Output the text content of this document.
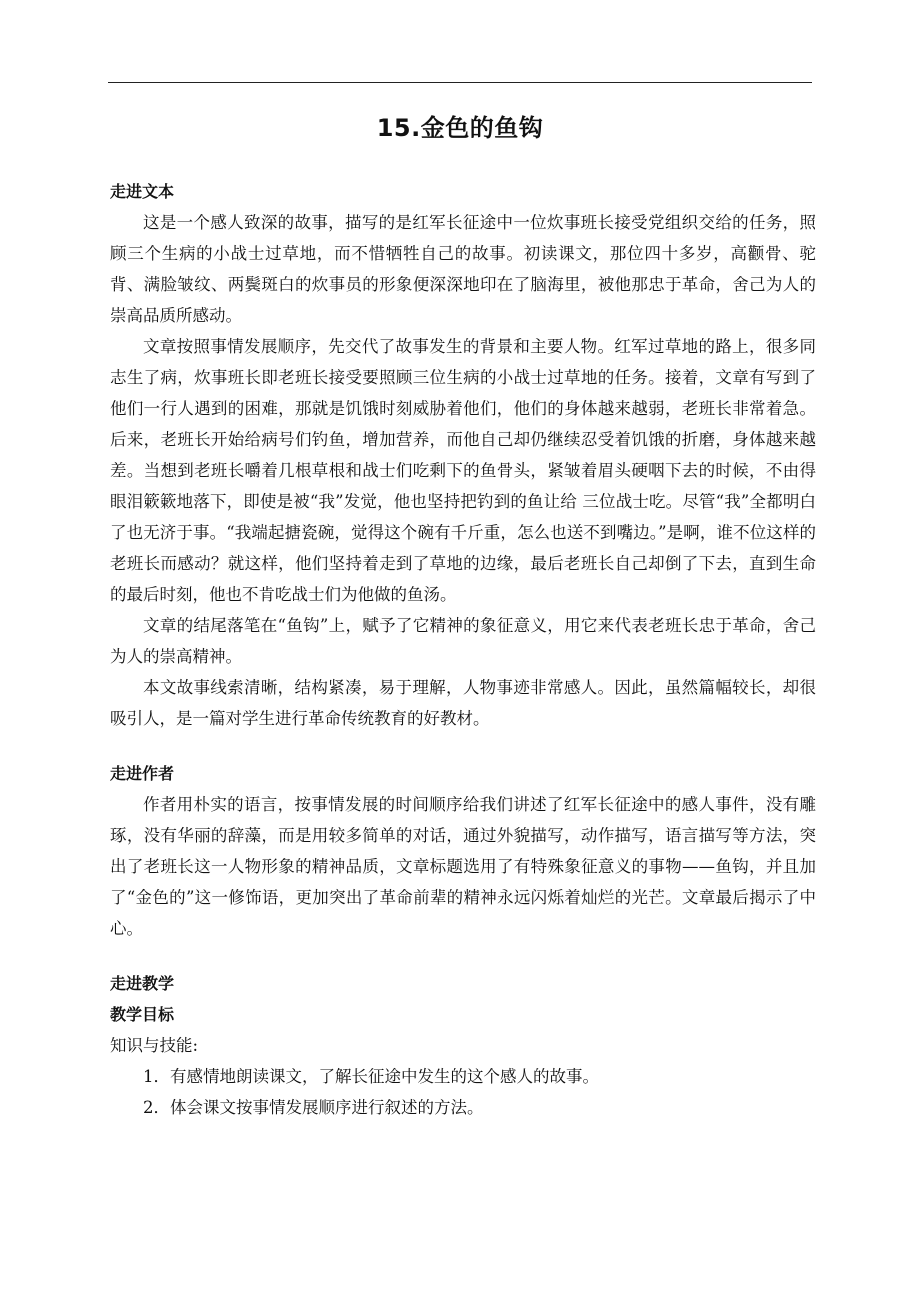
15.金色的鱼钩

走进文本

这是一个感人致深的故事，描写的是红军长征途中一位炊事班长接受党组织交给的任务，照顾三个生病的小战士过草地，而不惜牺牲自己的故事。初读课文，那位四十多岁，高颧骨、驼背、满脸皱纹、两鬓斑白的炊事员的形象便深深地印在了脑海里，被他那忠于革命，舍己为人的崇高品质所感动。

文章按照事情发展顺序，先交代了故事发生的背景和主要人物。红军过草地的路上，很多同志生了病，炊事班长即老班长接受要照顾三位生病的小战士过草地的任务。接着，文章有写到了他们一行人遇到的困难，那就是饥饿时刻威胁着他们，他们的身体越来越弱，老班长非常着急。后来，老班长开始给病号们钓鱼，增加营养，而他自己却仍继续忍受着饥饿的折磨，身体越来越差。当想到老班长嚼着几根草根和战士们吃剩下的鱼骨头，紧皱着眉头硬咽下去的时候，不由得眼泪簌簌地落下，即使是被“我”发觉，他也坚持把钓到的鱼让给 三位战士吃。尽管“我”全都明白了也无济于事。“我端起搪瓷碗，觉得这个碗有千斤重，怎么也送不到嘴边。”是啊，谁不位这样的老班长而感动？就这样，他们坚持着走到了草地的边缘，最后老班长自己却倒了下去，直到生命的最后时刻，他也不肯吃战士们为他做的鱼汤。

文章的结尾落笔在“鱼钩”上，赋予了它精神的象征意义，用它来代表老班长忠于革命，舍己为人的崇高精神。

本文故事线索清晰，结构紧凑，易于理解，人物事迹非常感人。因此，虽然篇幅较长，却很吸引人，是一篇对学生进行革命传统教育的好教材。

走进作者

作者用朴实的语言，按事情发展的时间顺序给我们讲述了红军长征途中的感人事件，没有雕琢，没有华丽的辞藻，而是用较多简单的对话，通过外貌描写，动作描写，语言描写等方法，突出了老班长这一人物形象的精神品质，文章标题选用了有特殊象征意义的事物——鱼钩，并且加了“金色的”这一修饰语，更加突出了革命前辈的精神永远闪烁着灿烂的光芒。文章最后揭示了中心。

走进教学

教学目标

知识与技能:

1．有感情地朗读课文，了解长征途中发生的这个感人的故事。

2．体会课文按事情发展顺序进行叙述的方法。
